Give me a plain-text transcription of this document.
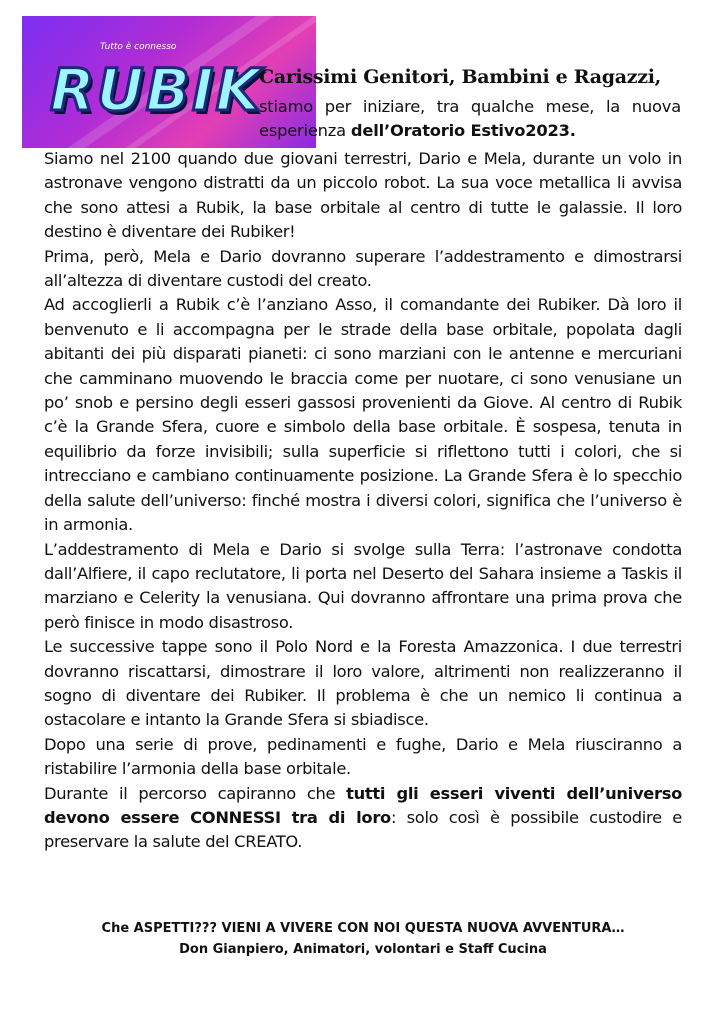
Tutto è connesso
RUBIK
Carissimi Genitori, Bambini e Ragazzi,
stiamo per iniziare, tra qualche mese, la nuova esperienza dell’Oratorio Estivo2023.

Siamo nel 2100 quando due giovani terrestri, Dario e Mela, durante un volo in astronave vengono distratti da un piccolo robot. La sua voce metallica li avvisa che sono attesi a Rubik, la base orbitale al centro di tutte le galassie. Il loro destino è diventare dei Rubiker!

Prima, però, Mela e Dario dovranno superare l’addestramento e dimostrarsi all’altezza di diventare custodi del creato.

Ad accoglierli a Rubik c’è l’anziano Asso, il comandante dei Rubiker. Dà loro il benvenuto e li accompagna per le strade della base orbitale, popolata dagli abitanti dei più disparati pianeti: ci sono marziani con le antenne e mercuriani che camminano muovendo le braccia come per nuotare, ci sono venusiane un po’ snob e persino degli esseri gassosi provenienti da Giove. Al centro di Rubik c’è la Grande Sfera, cuore e simbolo della base orbitale. È sospesa, tenuta in equilibrio da forze invisibili; sulla superficie si riflettono tutti i colori, che si intrecciano e cambiano continuamente posizione. La Grande Sfera è lo specchio della salute dell’universo: finché mostra i diversi colori, significa che l’universo è in armonia.

L’addestramento di Mela e Dario si svolge sulla Terra: l’astronave condotta dall’Alfiere, il capo reclutatore, li porta nel Deserto del Sahara insieme a Taskis il marziano e Celerity la venusiana. Qui dovranno affrontare una prima prova che però finisce in modo disastroso.

Le successive tappe sono il Polo Nord e la Foresta Amazzonica. I due terrestri dovranno riscattarsi, dimostrare il loro valore, altrimenti non realizzeranno il sogno di diventare dei Rubiker. Il problema è che un nemico li continua a ostacolare e intanto la Grande Sfera si sbiadisce.

Dopo una serie di prove, pedinamenti e fughe, Dario e Mela riusciranno a ristabilire l’armonia della base orbitale.

Durante il percorso capiranno che tutti gli esseri viventi dell’universo devono essere CONNESSI tra di loro: solo così è possibile custodire e preservare la salute del CREATO.

Che ASPETTI??? VIENI A VIVERE CON NOI QUESTA NUOVA AVVENTURA…
Don Gianpiero, Animatori, volontari e Staff Cucina
